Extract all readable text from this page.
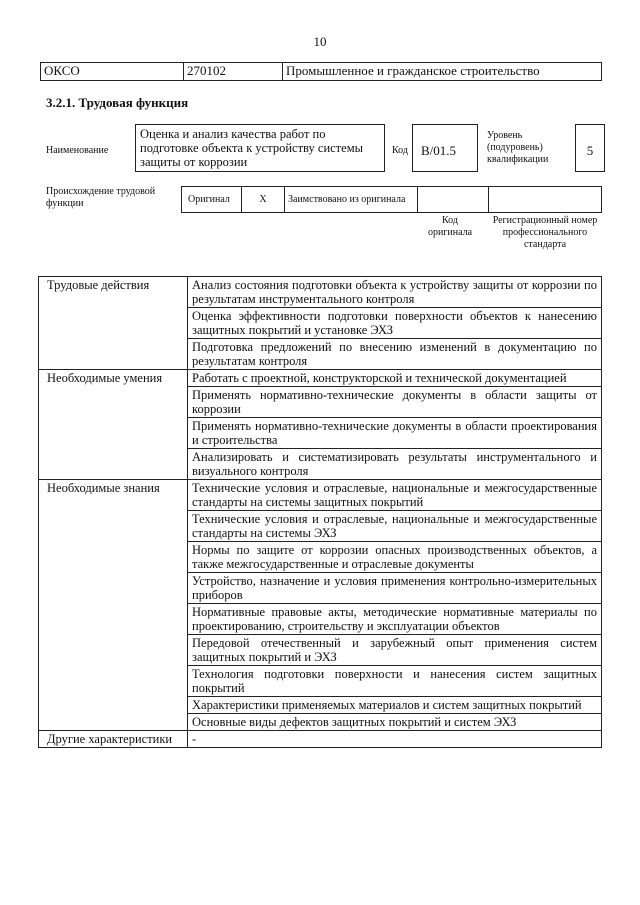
10
ОКСО	270102	Промышленное и гражданское строительство
3.2.1. Трудовая функция
Наименование
Оценка и анализ качества работ по подготовке объекта к устройству системы защиты от коррозии
Код	В/01.5
Уровень (подуровень) квалификации
5
Происхождение трудовой функции	Оригинал	X	Заимствовано из оригинала		
Код оригинала
Регистрационный номер профессионального стандарта
Трудовые действия	Анализ состояния подготовки объекта к устройству защиты от коррозии по результатам инструментального контроля
	Оценка эффективности подготовки поверхности объектов к нанесению защитных покрытий и установке ЭХЗ
	Подготовка предложений по внесению изменений в документацию по результатам контроля
Необходимые умения	Работать с проектной, конструкторской и технической документацией
	Применять нормативно-технические документы в области защиты от коррозии
	Применять нормативно-технические документы в области проектирования и строительства
	Анализировать и систематизировать результаты инструментального и визуального контроля
Необходимые знания	Технические условия и отраслевые, национальные и межгосударственные стандарты на системы защитных покрытий
	Технические условия и отраслевые, национальные и межгосударственные стандарты на системы ЭХЗ
	Нормы по защите от коррозии опасных производственных объектов, а также межгосударственные и отраслевые документы
	Устройство, назначение и условия применения контрольно-измерительных приборов
	Нормативные правовые акты, методические нормативные материалы по проектированию, строительству и эксплуатации объектов
	Передовой отечественный и зарубежный опыт применения систем защитных покрытий и ЭХЗ
	Технология подготовки поверхности и нанесения систем защитных покрытий
	Характеристики применяемых материалов и систем защитных покрытий
	Основные виды дефектов защитных покрытий и систем ЭХЗ
Другие характеристики	-
